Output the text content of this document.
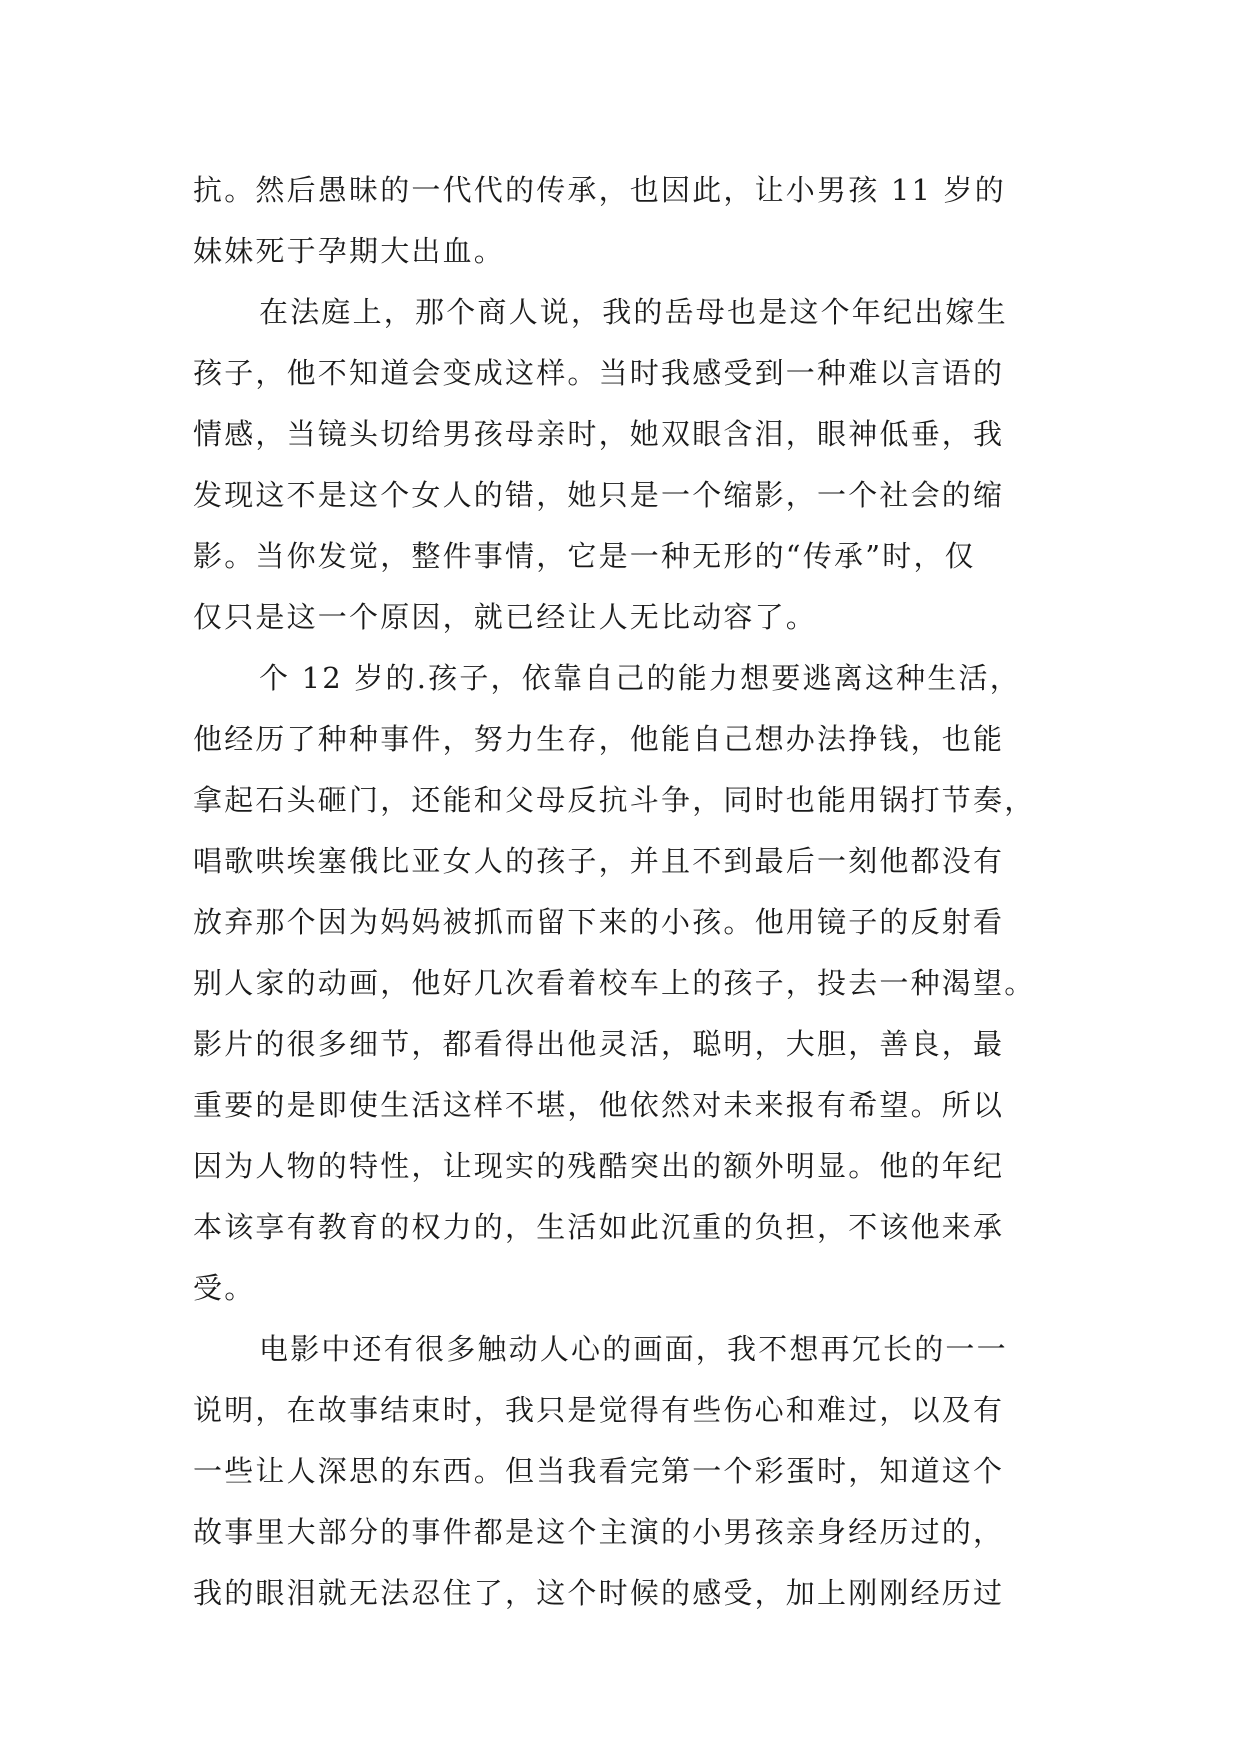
抗。然后愚昧的一代代的传承，也因此，让小男孩 11 岁的
妹妹死于孕期大出血。

在法庭上，那个商人说，我的岳母也是这个年纪出嫁生
孩子，他不知道会变成这样。当时我感受到一种难以言语的
情感，当镜头切给男孩母亲时，她双眼含泪，眼神低垂，我
发现这不是这个女人的错，她只是一个缩影，一个社会的缩
影。当你发觉，整件事情，它是一种无形的“传承”时，仅
仅只是这一个原因，就已经让人无比动容了。

个 12 岁的.孩子，依靠自己的能力想要逃离这种生活，
他经历了种种事件，努力生存，他能自己想办法挣钱，也能
拿起石头砸门，还能和父母反抗斗争，同时也能用锅打节奏，
唱歌哄埃塞俄比亚女人的孩子，并且不到最后一刻他都没有
放弃那个因为妈妈被抓而留下来的小孩。他用镜子的反射看
别人家的动画，他好几次看着校车上的孩子，投去一种渴望。
影片的很多细节，都看得出他灵活，聪明，大胆，善良，最
重要的是即使生活这样不堪，他依然对未来报有希望。所以
因为人物的特性，让现实的残酷突出的额外明显。他的年纪
本该享有教育的权力的，生活如此沉重的负担，不该他来承
受。

电影中还有很多触动人心的画面，我不想再冗长的一一
说明，在故事结束时，我只是觉得有些伤心和难过，以及有
一些让人深思的东西。但当我看完第一个彩蛋时，知道这个
故事里大部分的事件都是这个主演的小男孩亲身经历过的，
我的眼泪就无法忍住了，这个时候的感受，加上刚刚经历过
